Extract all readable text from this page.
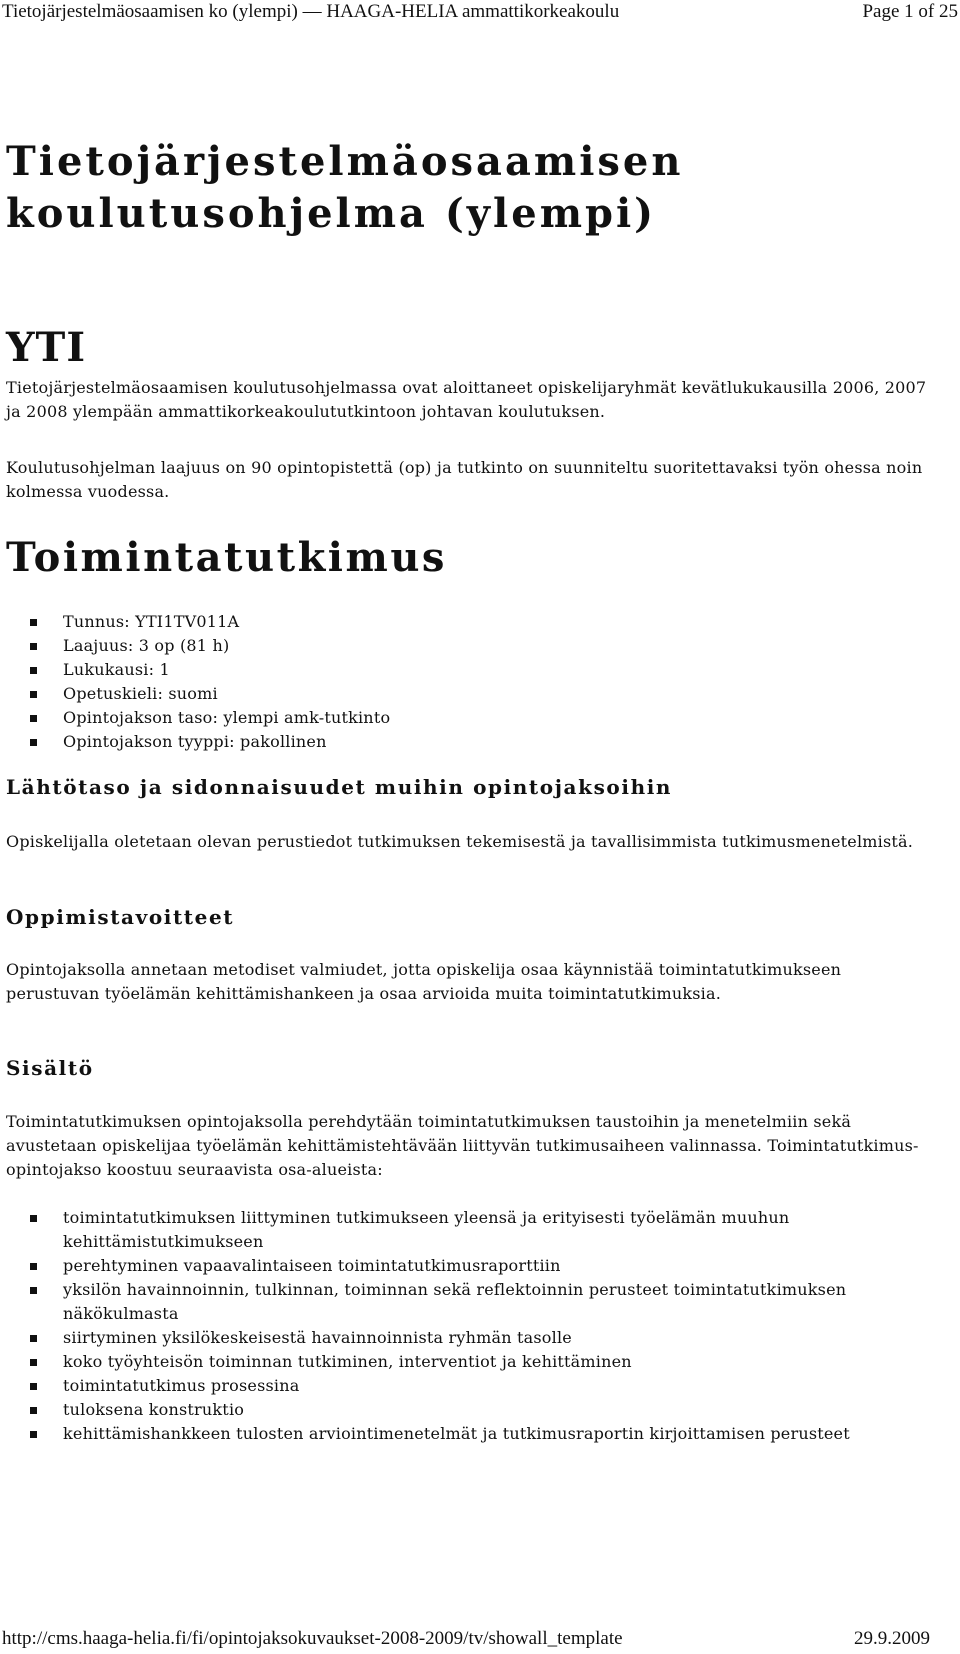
Tietojärjestelmäosaamisen ko (ylempi) — HAAGA-HELIA ammattikorkeakoulu	Page 1 of 25
Tietojärjestelmäosaamisen koulutusohjelma (ylempi)
YTI

Tietojärjestelmäosaamisen koulutusohjelmassa ovat aloittaneet opiskelijaryhmät kevätlukukausilla 2006, 2007 ja 2008 ylempään ammattikorkeakoulututkintoon johtavan koulutuksen.

Koulutusohjelman laajuus on 90 opintopistettä (op) ja tutkinto on suunniteltu suoritettavaksi työn ohessa noin kolmessa vuodessa.

Toimintatutkimus
Tunnus: YTI1TV011A
Laajuus: 3 op (81 h)
Lukukausi: 1
Opetuskieli: suomi
Opintojakson taso: ylempi amk-tutkinto
Opintojakson tyyppi: pakollinen
Lähtötaso ja sidonnaisuudet muihin opintojaksoihin

Opiskelijalla oletetaan olevan perustiedot tutkimuksen tekemisestä ja tavallisimmista tutkimusmenetelmistä.

Oppimistavoitteet

Opintojaksolla annetaan metodiset valmiudet, jotta opiskelija osaa käynnistää toimintatutkimukseen perustuvan työelämän kehittämishankeen ja osaa arvioida muita toimintatutkimuksia.

Sisältö

Toimintatutkimuksen opintojaksolla perehdytään toimintatutkimuksen taustoihin ja menetelmiin sekä avustetaan opiskelijaa työelämän kehittämistehtävään liittyvän tutkimusaiheen valinnassa. Toimintatutkimus-opintojakso koostuu seuraavista osa-alueista:

toimintatutkimuksen liittyminen tutkimukseen yleensä ja erityisesti työelämän muuhun kehittämistutkimukseen
perehtyminen vapaavalintaiseen toimintatutkimusraporttiin
yksilön havainnoinnin, tulkinnan, toiminnan sekä reflektoinnin perusteet toimintatutkimuksen näkökulmasta
siirtyminen yksilökeskeisestä havainnoinnista ryhmän tasolle
koko työyhteisön toiminnan tutkiminen, interventiot ja kehittäminen
toimintatutkimus prosessina
tuloksena konstruktio
kehittämishankkeen tulosten arviointimenetelmät ja tutkimusraportin kirjoittamisen perusteet
http://cms.haaga-helia.fi/fi/opintojaksokuvaukset-2008-2009/tv/showall_template	29.9.2009
